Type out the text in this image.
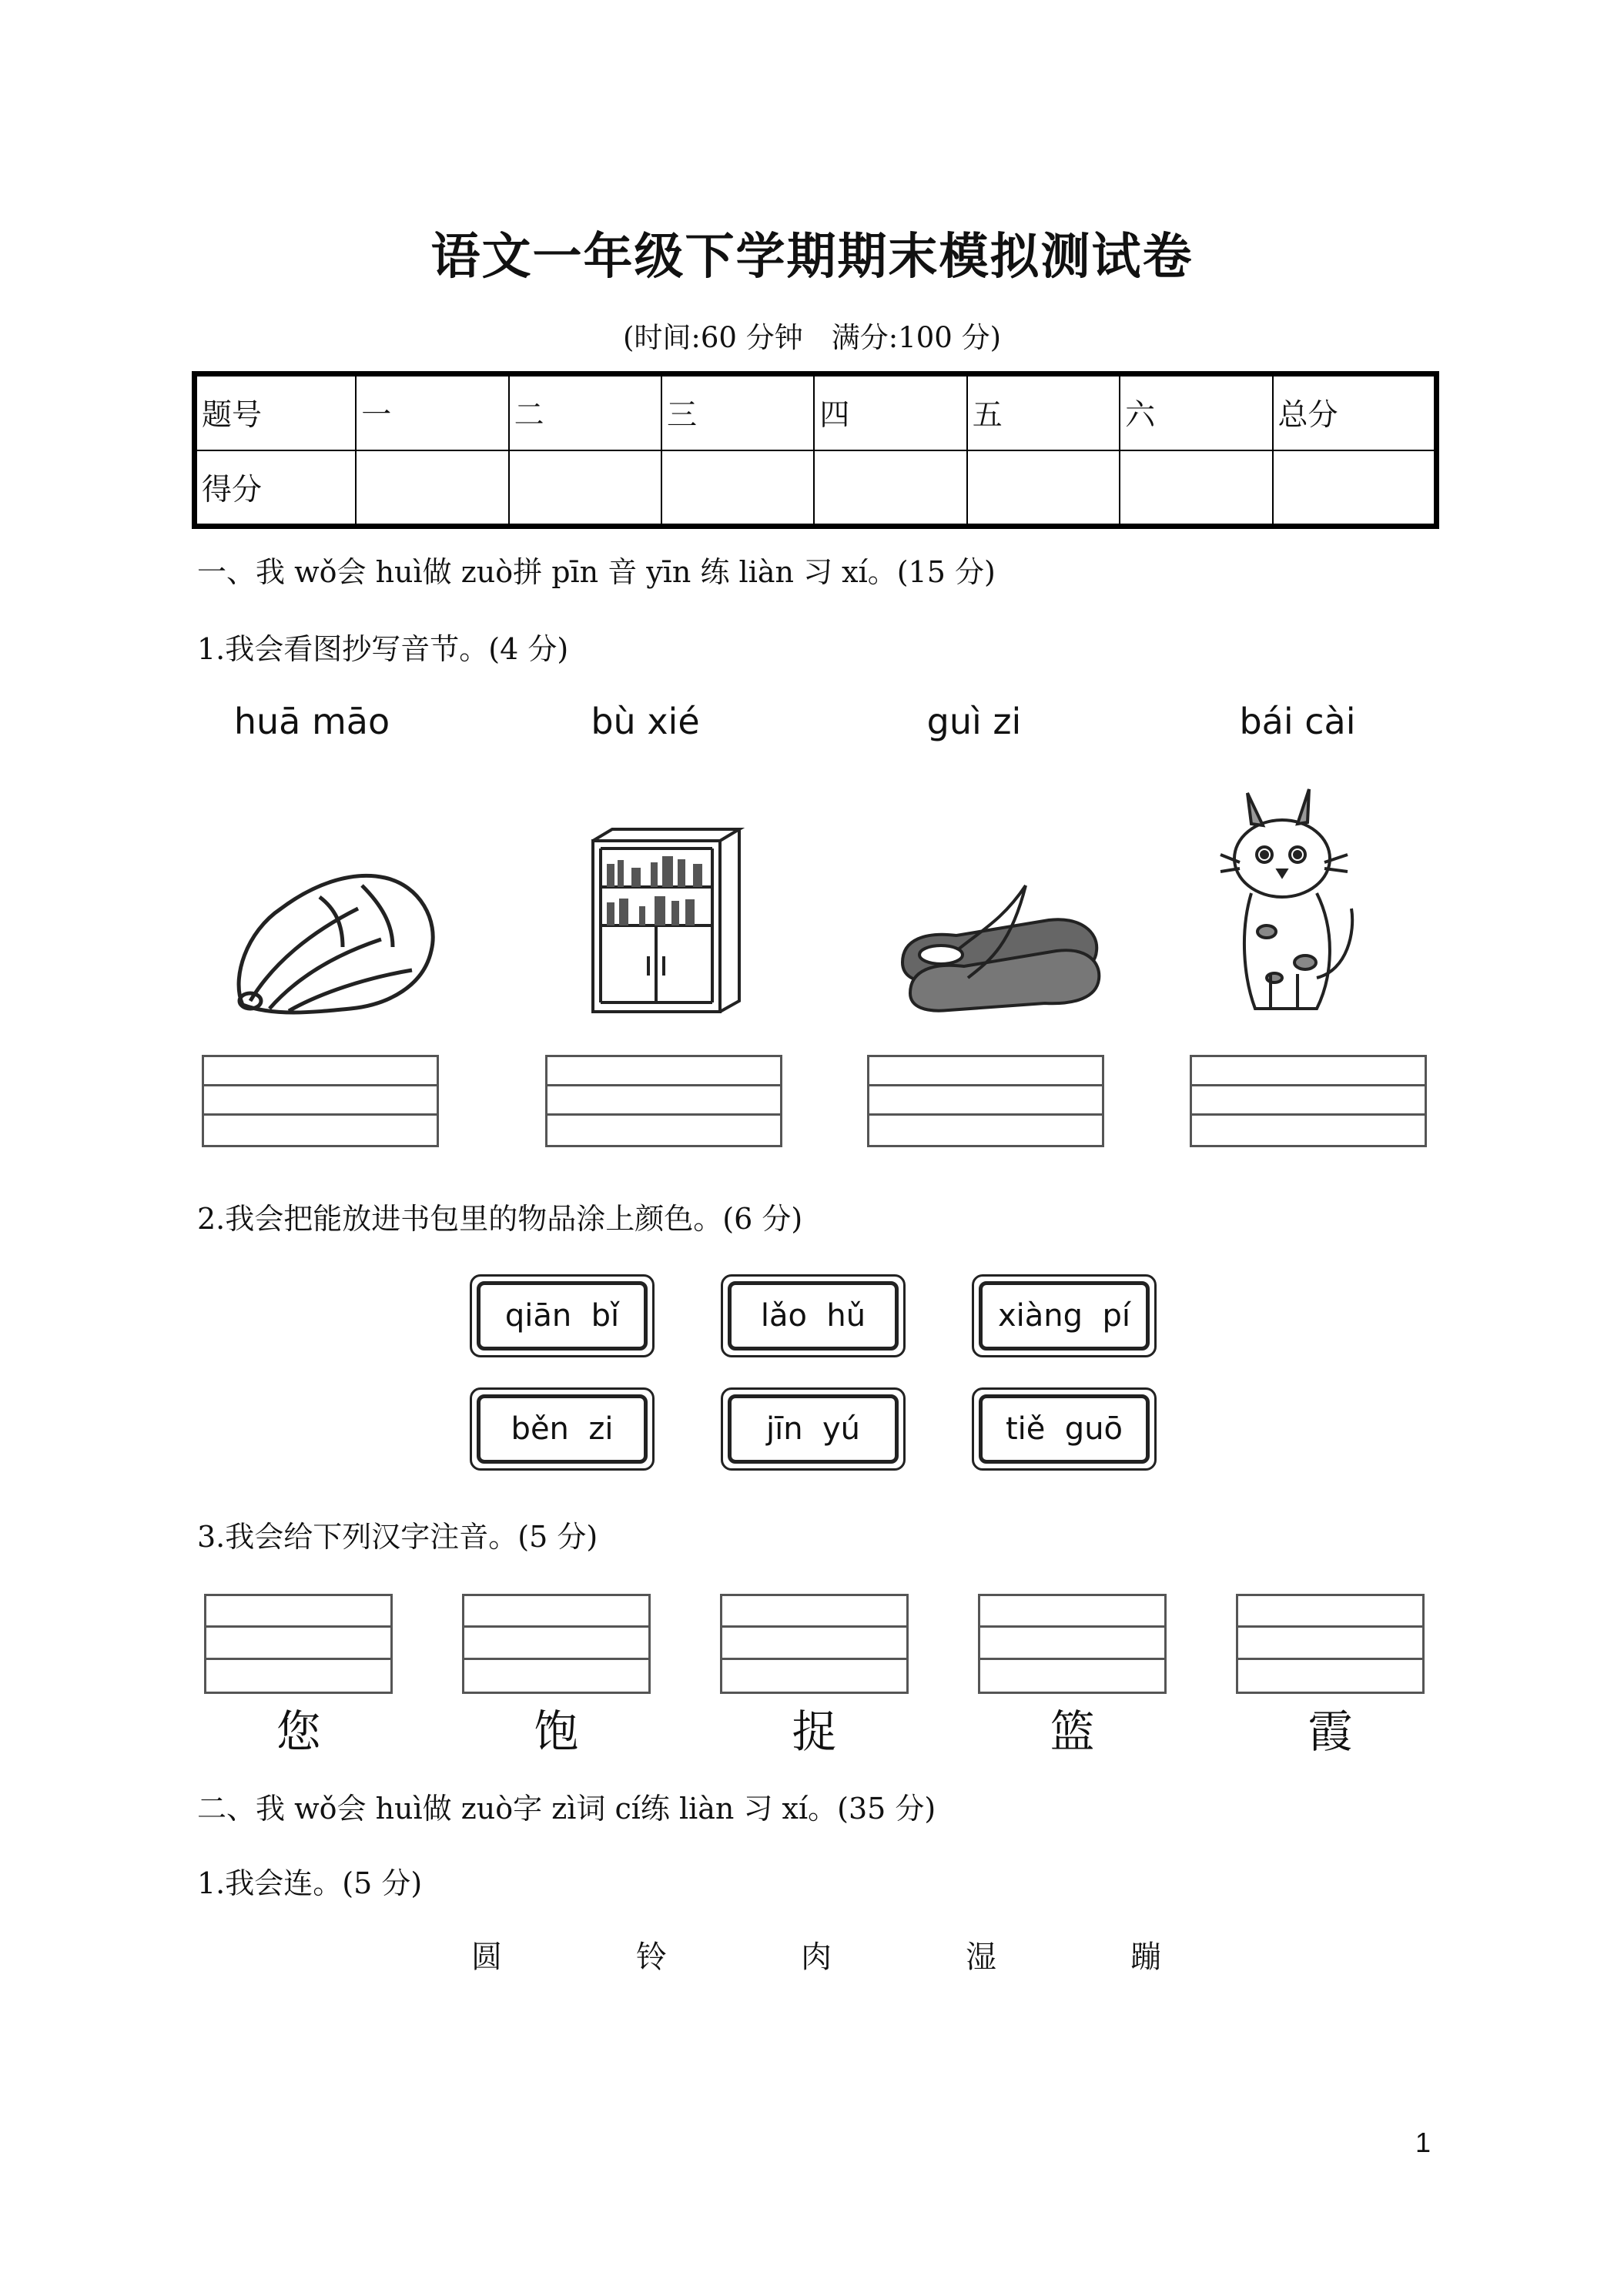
语文一年级下学期期末模拟测试卷
(时间:60 分钟　满分:100 分)
题号	一	二	三	四	五	六	总分
得分							
一、我 wǒ会 huì做 zuò拼 pīn 音 yīn 练 liàn 习 xí。(15 分)
1.我会看图抄写音节。(4 分)
huā māo	bù xié	guì zi	bái cài
2.我会把能放进书包里的物品涂上颜色。(6 分)
qiān  bǐ	lǎo  hǔ	xiàng  pí
běn  zi	jīn  yú	tiě  guō
3.我会给下列汉字注音。(5 分)
您	饱	捉	篮	霞
二、我 wǒ会 huì做 zuò字 zì词 cí练 liàn 习 xí。(35 分)
1.我会连。(5 分)
圆	铃	肉	湿	蹦
1
